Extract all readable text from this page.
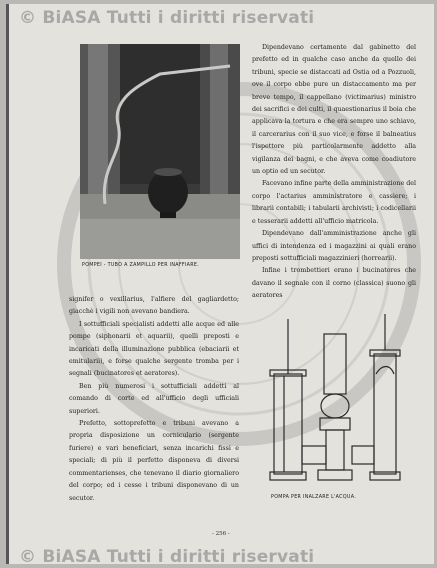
© BiASA Tutti i diritti riservati
POMPEI - TUBO A ZAMPILLO PER INAFFIARE.

Dipendevano certamente dal gabinetto del prefetto ed in qualche caso anche da quello dei tribuni, specie se distaccati ad Ostia od a Pozzuoli, ove il corpo ebbe pure un distaccamento ma per breve tempo, il cappellano (victimarius) ministro dei sacrifici e dei culti, il quaestionarius il boia che applicava la tortura e che era sempre uno schiavo, il carcerarius con il suo vice, e forse il balneatius l'ispettore più particolarmente addetto alla vigilanza dei bagni, e che aveva come coadiutore un optio ed un secutor.

Facevano infine parte della amministrazione del corpo l'actarius amministratore e cassiere; i librarii contabili; i tabularii archivisti; i codicellarii e tesserarii addetti all'ufficio matricola.

Dipendevano dall'amministrazione anche gli uffici di intendenza ed i magazzini ai quali erano preposti sottufficiali magazzinieri (horrearii).

Infine i trombettieri erano i bucinatores che davano il segnale con il corno (classica) suono gli aeratores

signifer o vexillarius, l'alfiere del gagliardetto; giacchè i vigili non avevano bandiera.

I sottufficiali specialisti addetti alle acque ed alle pompe (siphonarii et aquarii), quelli preposti e incaricati della illuminazione pubblica (ebaciarii et emitularii), e forse qualche sergente tromba per i segnali (bucinatores et aeratores).

Ben più numerosi i sottufficiali addetti al comando di corte ed all'ufficio degli ufficiali superiori.

Prefetto, sottoprefetto e tribuni avevano a propria disposizione un corniculario (sergente furiere) e vari beneficiari, senza incarichi fissi e speciali; di più il perfetto disponeva di diversi commentarienses, che tenevano il diario giornaliero del corpo; ed i cesse i tribuni disponevano di un secutor.	POMPA PER INALZARE L'ACQUA.
- 256 -
© BiASA Tutti i diritti riservati
